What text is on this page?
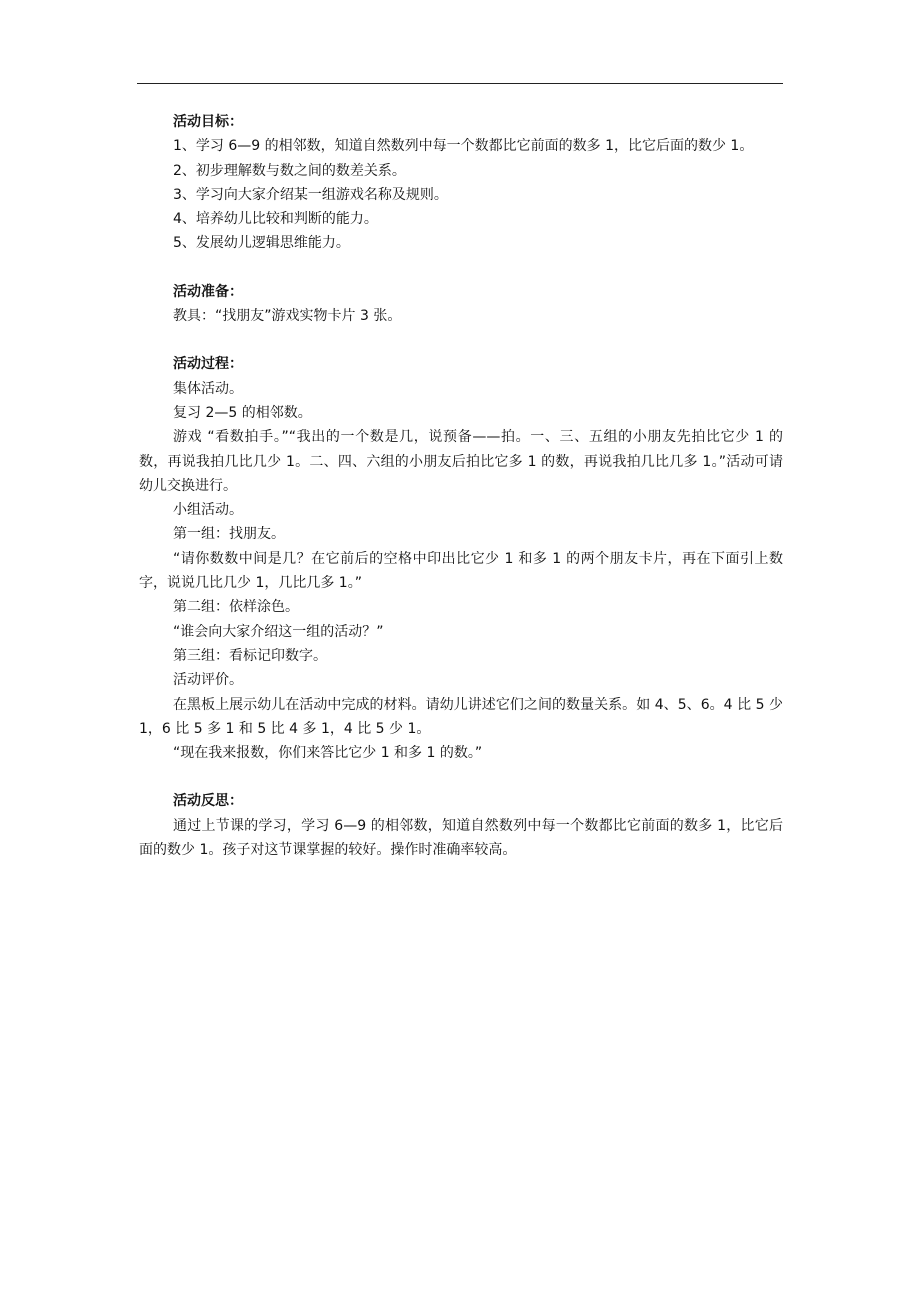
活动目标：

1、学习 6—9 的相邻数，知道自然数列中每一个数都比它前面的数多 1，比它后面的数少 1。

2、初步理解数与数之间的数差关系。

3、学习向大家介绍某一组游戏名称及规则。

4、培养幼儿比较和判断的能力。

5、发展幼儿逻辑思维能力。

活动准备：

教具：“找朋友”游戏实物卡片 3 张。

活动过程：

集体活动。

复习 2—5 的相邻数。

游戏 “看数拍手。”“我出的一个数是几，说预备——拍。一、三、五组的小朋友先拍比它少 1 的数，再说我拍几比几少 1。二、四、六组的小朋友后拍比它多 1 的数，再说我拍几比几多 1。”活动可请幼儿交换进行。

小组活动。

第一组：找朋友。

“请你数数中间是几？在它前后的空格中印出比它少 1 和多 1 的两个朋友卡片，再在下面引上数字，说说几比几少 1，几比几多 1。”

第二组：依样涂色。

“谁会向大家介绍这一组的活动？”

第三组：看标记印数字。

活动评价。

在黑板上展示幼儿在活动中完成的材料。请幼儿讲述它们之间的数量关系。如 4、5、6。4 比 5 少 1，6 比 5 多 1 和 5 比 4 多 1，4 比 5 少 1。

“现在我来报数，你们来答比它少 1 和多 1 的数。”

活动反思：

通过上节课的学习，学习 6—9 的相邻数，知道自然数列中每一个数都比它前面的数多 1，比它后面的数少 1。孩子对这节课掌握的较好。操作时准确率较高。
